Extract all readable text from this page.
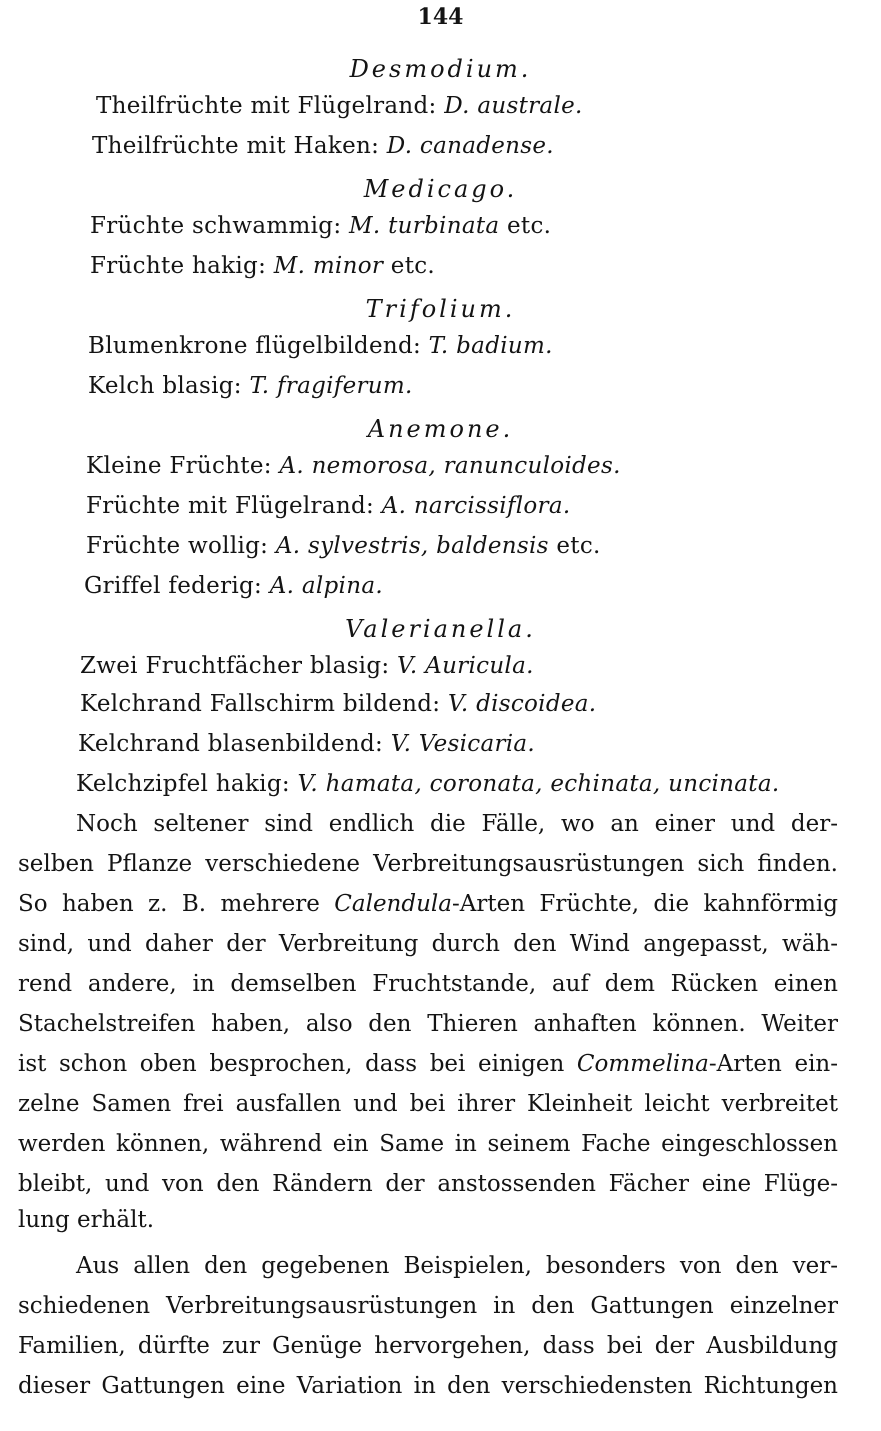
144
Desmodium.
Theilfrüchte mit Flügelrand: D. australe.
Theilfrüchte mit Haken: D. canadense.
Medicago.
Früchte schwammig: M. turbinata etc.
Früchte hakig: M. minor etc.
Trifolium.
Blumenkrone flügelbildend: T. badium.
Kelch blasig: T. fragiferum.
Anemone.
Kleine Früchte: A. nemorosa, ranunculoides.
Früchte mit Flügelrand: A. narcissiflora.
Früchte wollig: A. sylvestris, baldensis etc.
Griffel federig: A. alpina.
Valerianella.
Zwei Fruchtfächer blasig: V. Auricula.
Kelchrand Fallschirm bildend: V. discoidea.
Kelchrand blasenbildend: V. Vesicaria.
Kelchzipfel hakig: V. hamata, coronata, echinata, uncinata.
Noch seltener sind endlich die Fälle, wo an einer und der-
selben Pflanze verschiedene Verbreitungsausrüstungen sich finden.
So haben z. B. mehrere Calendula-Arten Früchte, die kahnförmig
sind, und daher der Verbreitung durch den Wind angepasst, wäh-
rend andere, in demselben Fruchtstande, auf dem Rücken einen
Stachelstreifen haben, also den Thieren anhaften können. Weiter
ist schon oben besprochen, dass bei einigen Commelina-Arten ein-
zelne Samen frei ausfallen und bei ihrer Kleinheit leicht verbreitet
werden können, während ein Same in seinem Fache eingeschlossen
bleibt, und von den Rändern der anstossenden Fächer eine Flüge-
lung erhält.
Aus allen den gegebenen Beispielen, besonders von den ver-
schiedenen Verbreitungsausrüstungen in den Gattungen einzelner
Familien, dürfte zur Genüge hervorgehen, dass bei der Ausbildung
dieser Gattungen eine Variation in den verschiedensten Richtungen
